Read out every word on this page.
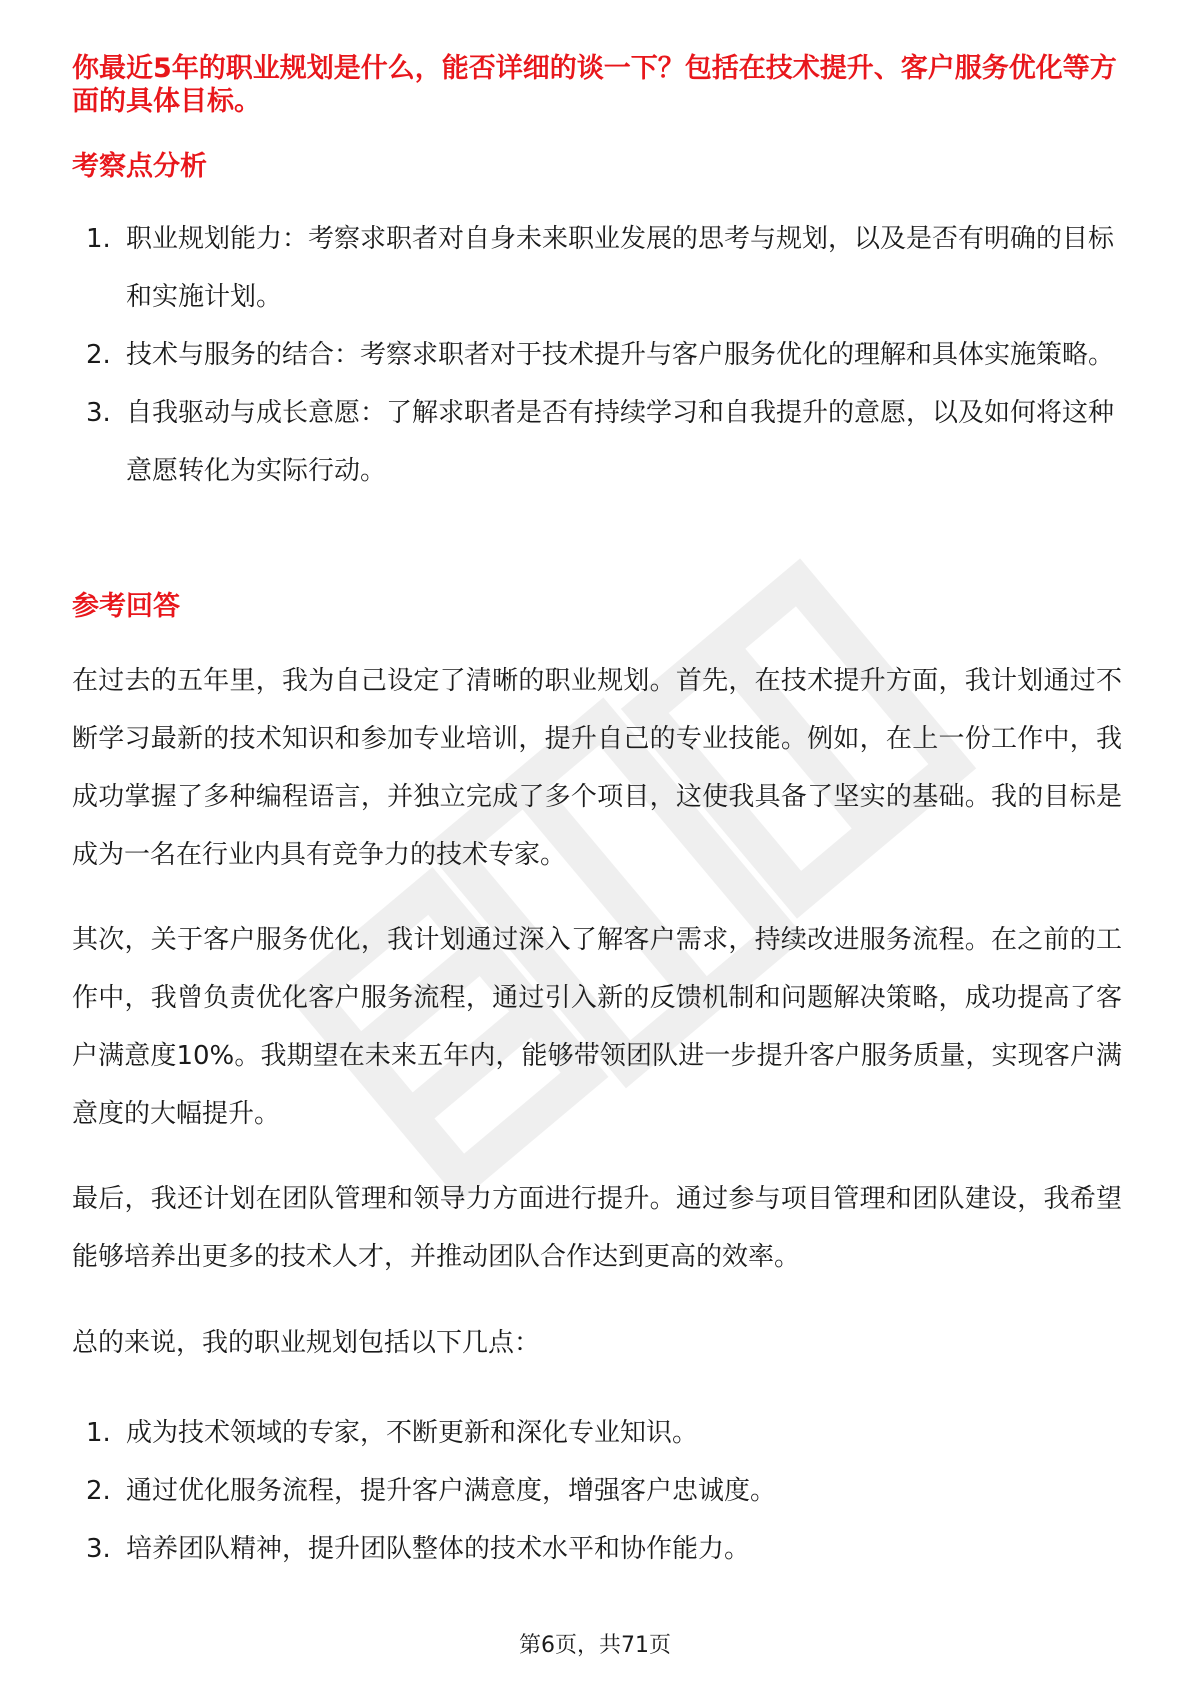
你最近5年的职业规划是什么，能否详细的谈一下？包括在技术提升、客户服务优化等方面的具体目标。
考察点分析
1. 职业规划能力：考察求职者对自身未来职业发展的思考与规划，以及是否有明确的目标和实施计划。
2. 技术与服务的结合：考察求职者对于技术提升与客户服务优化的理解和具体实施策略。
3. 自我驱动与成长意愿：了解求职者是否有持续学习和自我提升的意愿，以及如何将这种意愿转化为实际行动。
参考回答

在过去的五年里，我为自己设定了清晰的职业规划。首先，在技术提升方面，我计划通过不断学习最新的技术知识和参加专业培训，提升自己的专业技能。例如，在上一份工作中，我成功掌握了多种编程语言，并独立完成了多个项目，这使我具备了坚实的基础。我的目标是成为一名在行业内具有竞争力的技术专家。

其次，关于客户服务优化，我计划通过深入了解客户需求，持续改进服务流程。在之前的工作中，我曾负责优化客户服务流程，通过引入新的反馈机制和问题解决策略，成功提高了客户满意度10%。我期望在未来五年内，能够带领团队进一步提升客户服务质量，实现客户满意度的大幅提升。

最后，我还计划在团队管理和领导力方面进行提升。通过参与项目管理和团队建设，我希望能够培养出更多的技术人才，并推动团队合作达到更高的效率。

总的来说，我的职业规划包括以下几点：

1. 成为技术领域的专家，不断更新和深化专业知识。
2. 通过优化服务流程，提升客户满意度，增强客户忠诚度。
3. 培养团队精神，提升团队整体的技术水平和协作能力。
第6页，共71页
